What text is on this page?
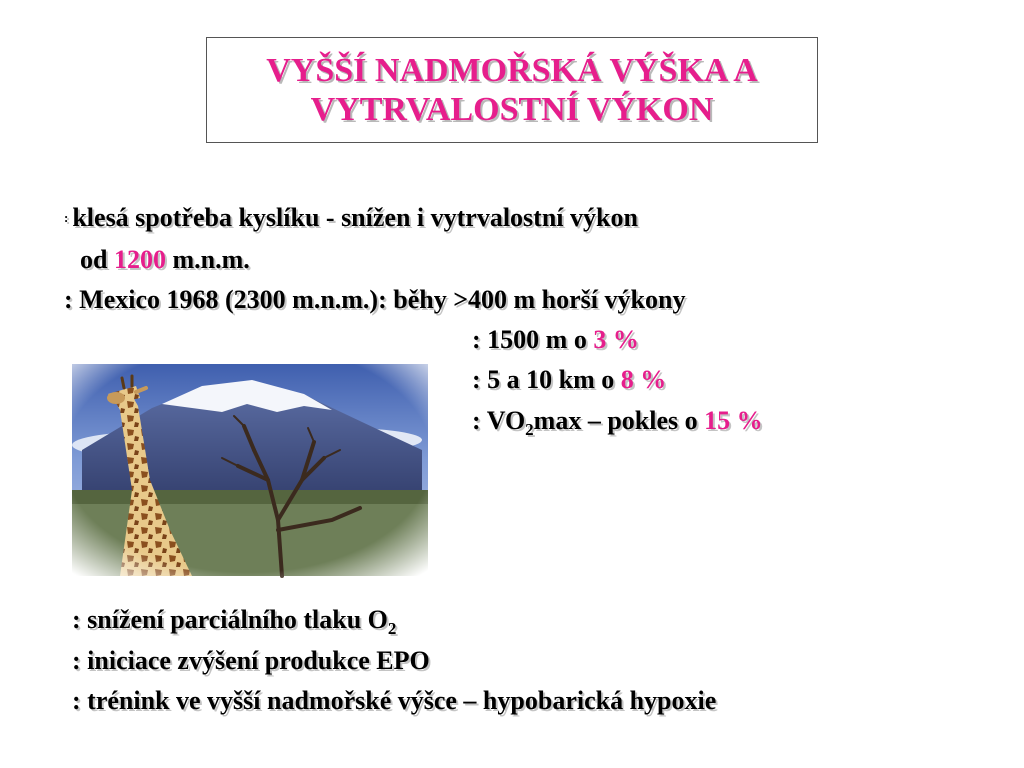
VYŠŠÍ NADMOŘSKÁ VÝŠKA A
VYTRVALOSTNÍ VÝKON
: klesá spotřeba kyslíku - snížen i vytrvalostní výkon
od 1200 m.n.m.
: Mexico 1968 (2300 m.n.m.): běhy >400 m horší výkony
: 1500 m o 3 %
: 5 a 10 km o 8 %
: $VO_2\max$ – pokles o 15 %
: snížení parciálního tlaku $O_2$
: iniciace zvýšení produkce EPO
: trénink ve vyšší nadmořské výšce – hypobarická hypoxie
